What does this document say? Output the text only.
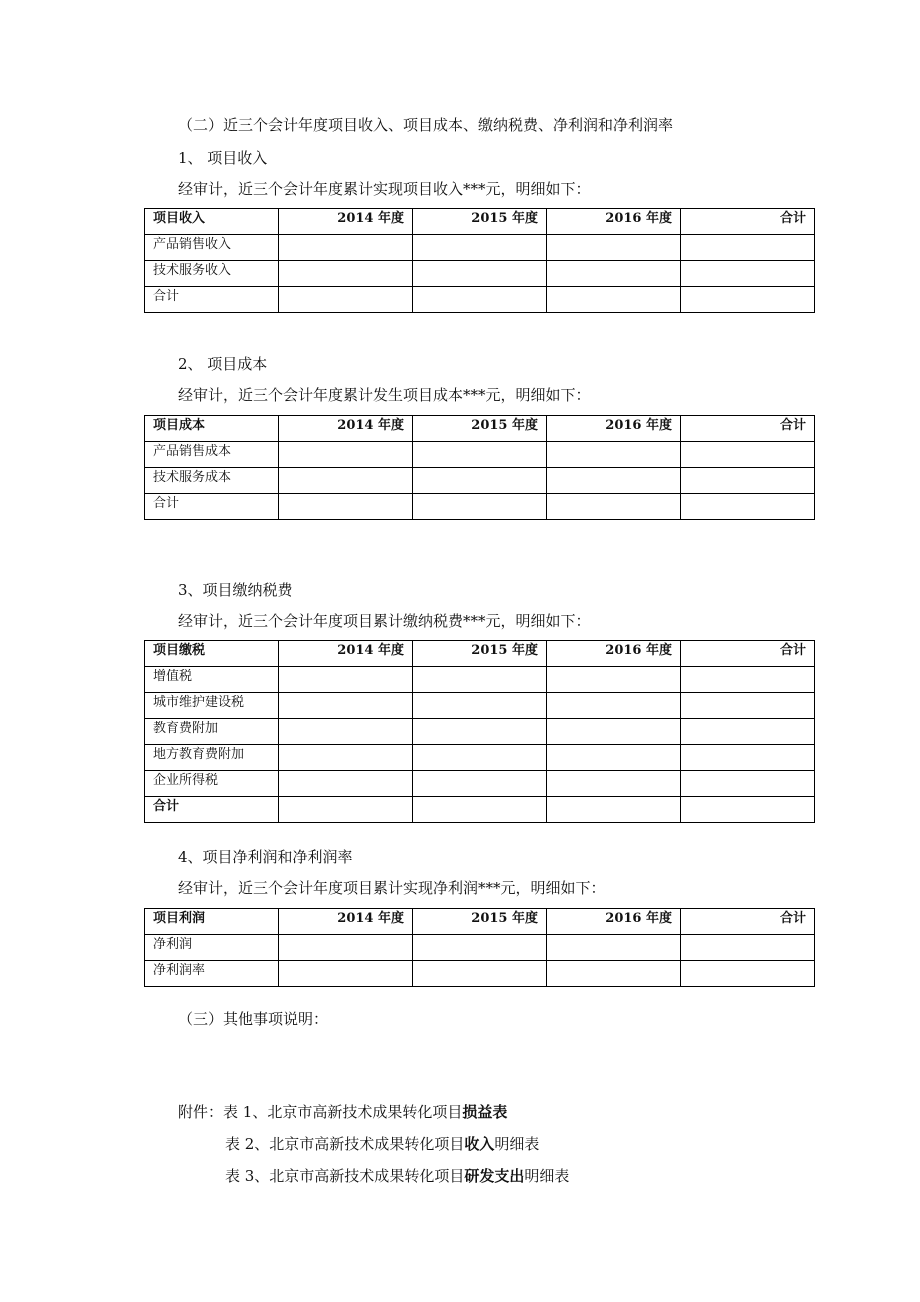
（二）近三个会计年度项目收入、项目成本、缴纳税费、净利润和净利润率
1、 项目收入
经审计，近三个会计年度累计实现项目收入***元，明细如下：
项目收入	2014 年度	2015 年度	2016 年度	合计
产品销售收入				
技术服务收入				
合计				
2、 项目成本
经审计，近三个会计年度累计发生项目成本***元，明细如下：
项目成本	2014 年度	2015 年度	2016 年度	合计
产品销售成本				
技术服务成本				
合计				
3、项目缴纳税费
经审计，近三个会计年度项目累计缴纳税费***元，明细如下：
项目缴税	2014 年度	2015 年度	2016 年度	合计
增值税				
城市维护建设税				
教育费附加				
地方教育费附加				
企业所得税				
合计				
4、项目净利润和净利润率
经审计，近三个会计年度项目累计实现净利润***元，明细如下：
项目利润	2014 年度	2015 年度	2016 年度	合计
净利润				
净利润率				
（三）其他事项说明：
附件：表 1、北京市高新技术成果转化项目损益表
表 2、北京市高新技术成果转化项目收入明细表
表 3、北京市高新技术成果转化项目研发支出明细表
